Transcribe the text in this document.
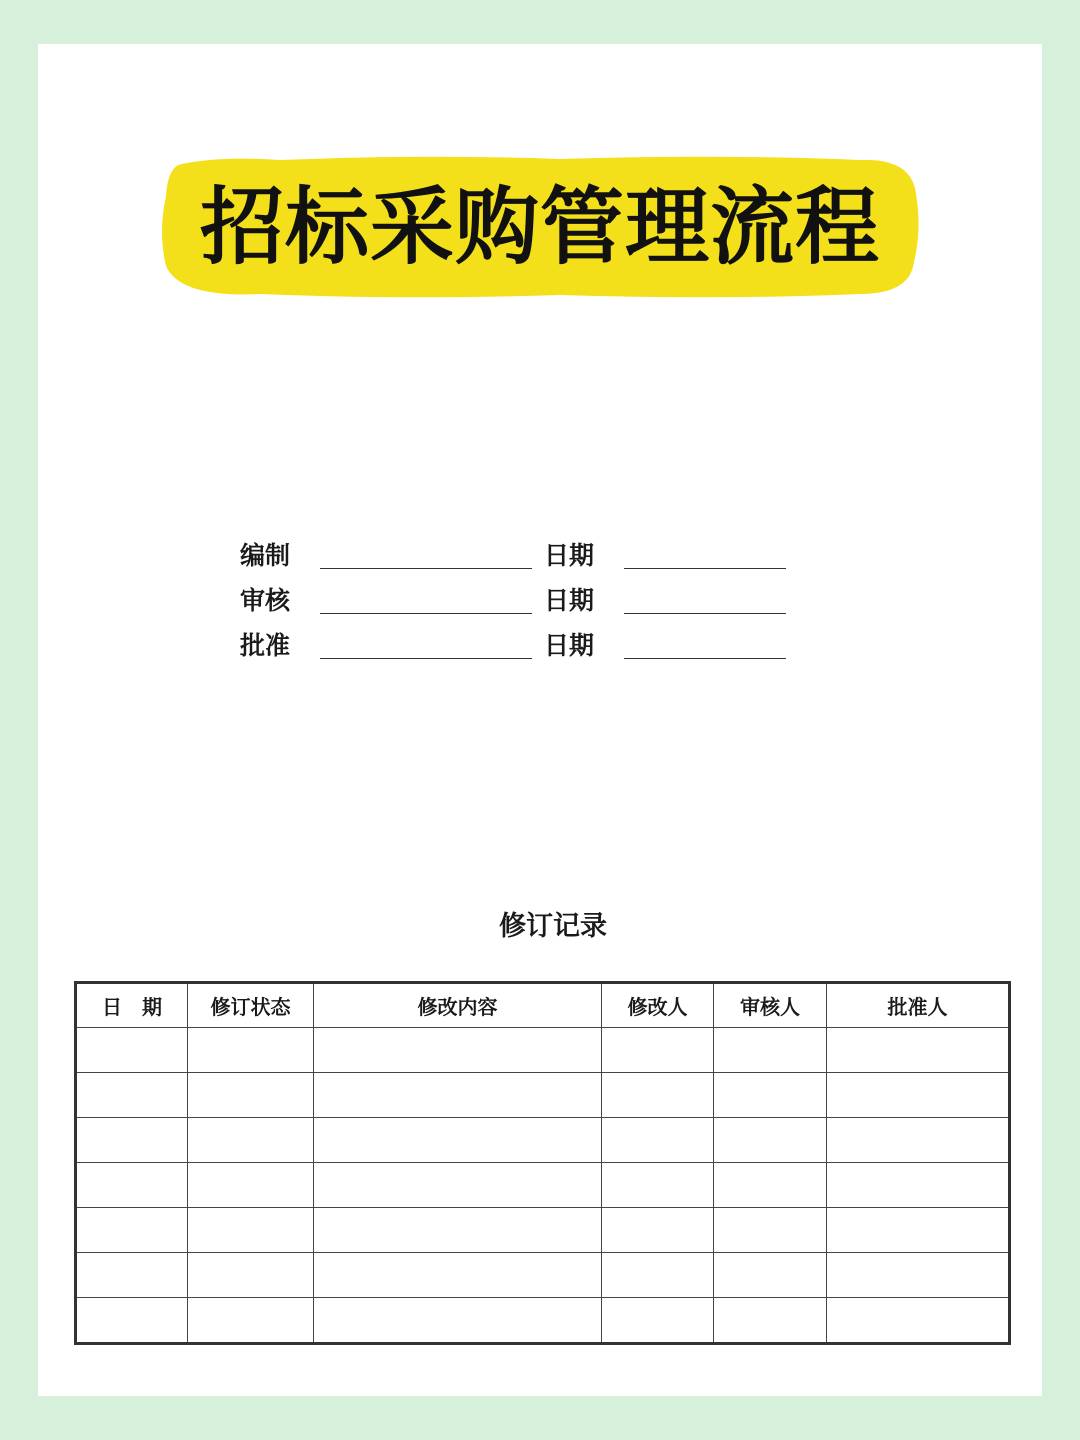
招标采购管理流程
编制	日期
审核	日期
批准	日期
修订记录
日　期	修订状态	修改内容	修改人	审核人	批准人
